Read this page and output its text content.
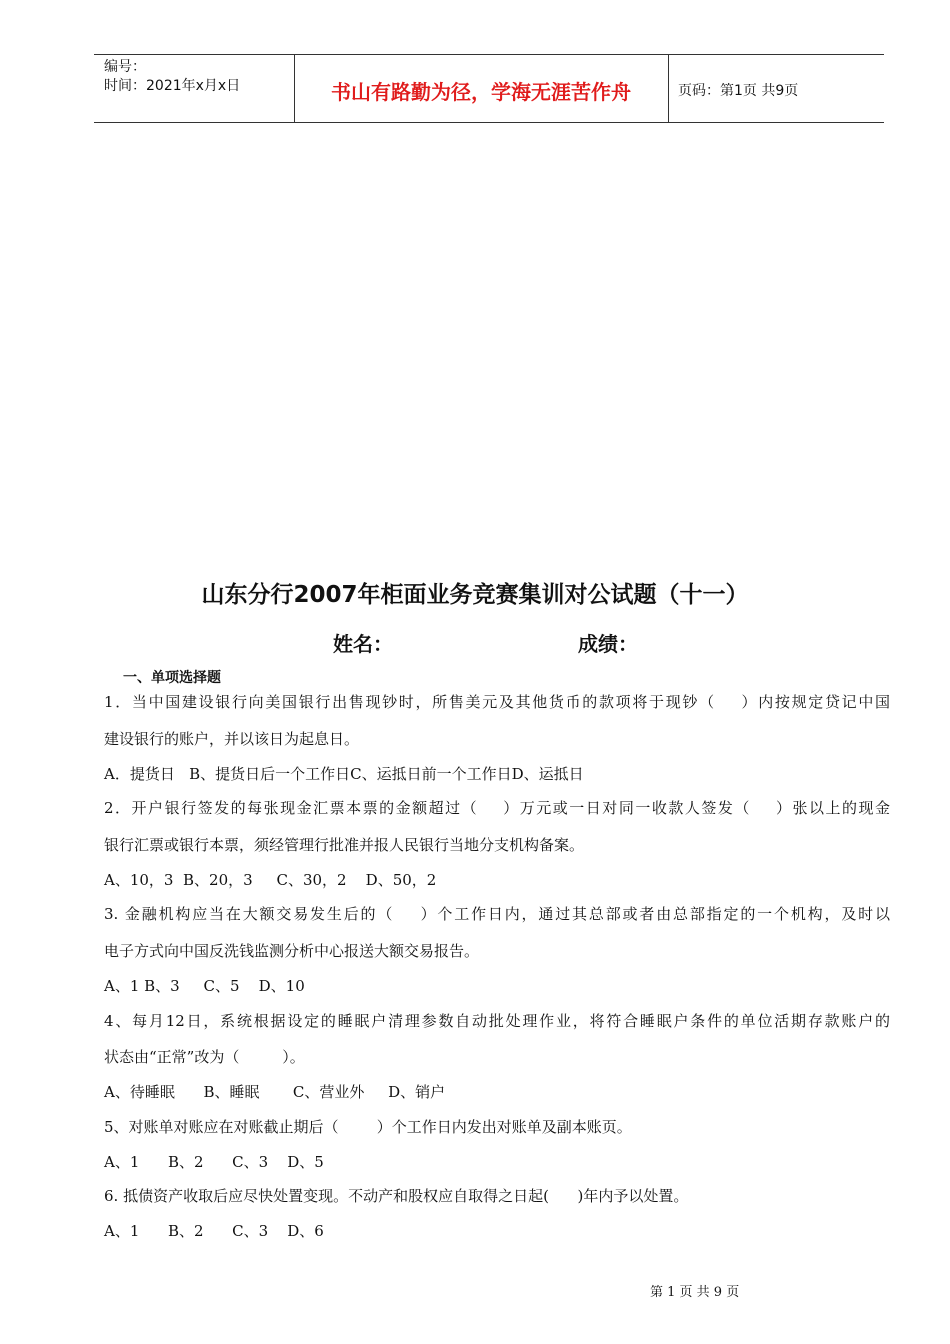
编号：
时间：2021年x月x日	书山有路勤为径，学海无涯苦作舟	页码：第1页 共9页
山东分行2007年柜面业务竞赛集训对公试题（十一）
姓名：	成绩：
一、单项选择题
1．当中国建设银行向美国银行出售现钞时，所售美元及其他货币的款项将于现钞（    ）内按规定贷记中国
建设银行的账户，并以该日为起息日。
A．提货日   B、提货日后一个工作日C、运抵日前一个工作日D、运抵日
2．开户银行签发的每张现金汇票本票的金额超过（    ）万元或一日对同一收款人签发（    ）张以上的现金
银行汇票或银行本票，须经管理行批准并报人民银行当地分支机构备案。
A、10，3  B、20，3     C、30，2    D、50，2
3. 金融机构应当在大额交易发生后的（    ）个工作日内，通过其总部或者由总部指定的一个机构，及时以
电子方式向中国反洗钱监测分析中心报送大额交易报告。
A、1 B、3     C、5    D、10
4、每月12日，系统根据设定的睡眠户清理参数自动批处理作业，将符合睡眠户条件的单位活期存款账户的
状态由“正常”改为（         ）。
A、待睡眠      B、睡眠       C、营业外     D、销户
5、对账单对账应在对账截止期后（        ）个工作日内发出对账单及副本账页。
A、1      B、2      C、3    D、5
6. 抵债资产收取后应尽快处置变现。不动产和股权应自取得之日起(      )年内予以处置。
A、1      B、2      C、3    D、6
第 1 页 共 9 页
